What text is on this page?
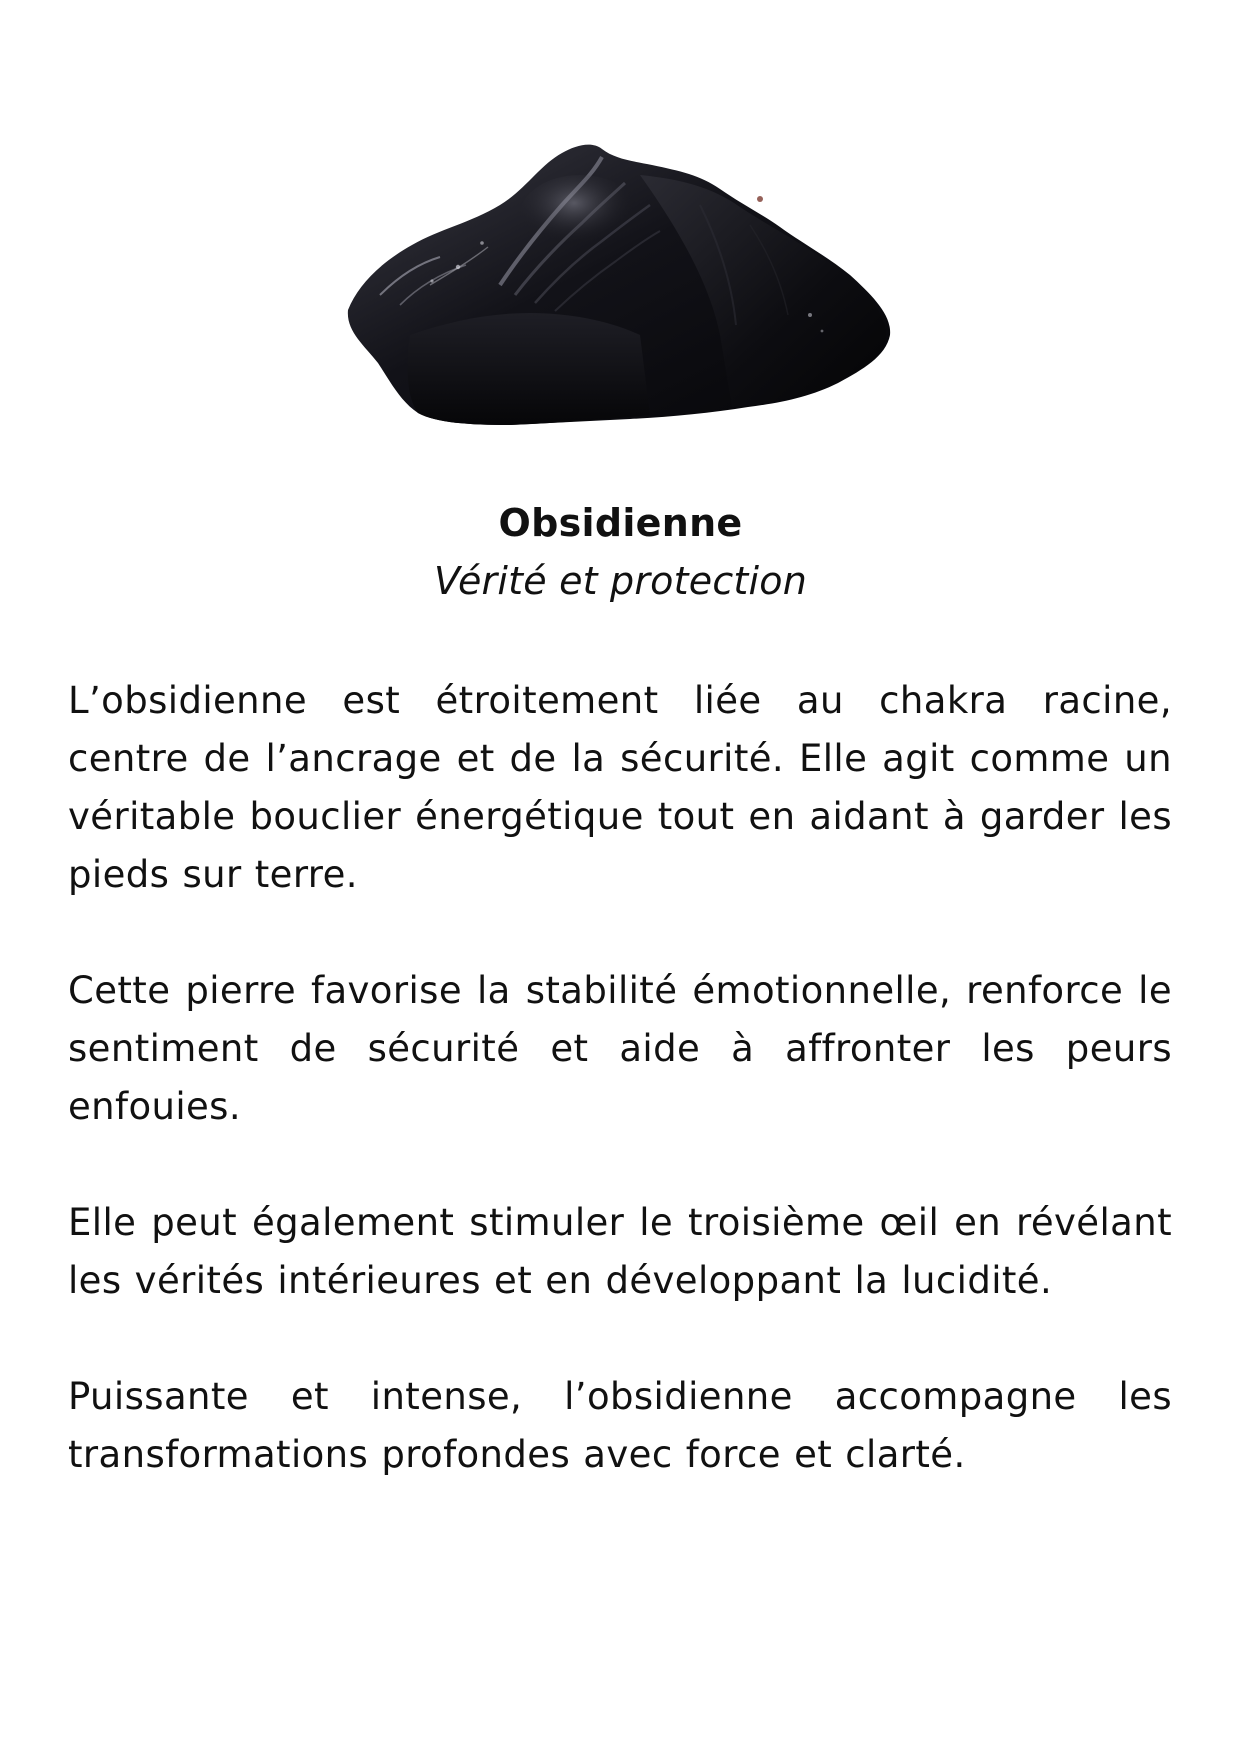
Obsidienne
Vérité et protection

L’obsidienne est étroitement liée au chakra racine, centre de l’ancrage et de la sécurité. Elle agit comme un véritable bouclier énergétique tout en aidant à garder les pieds sur terre.

Cette pierre favorise la stabilité émotionnelle, renforce le sentiment de sécurité et aide à affronter les peurs enfouies.

Elle peut également stimuler le troisième œil en révélant les vérités intérieures et en développant la lucidité.

Puissante et intense, l’obsidienne accompagne les transformations profondes avec force et clarté.
